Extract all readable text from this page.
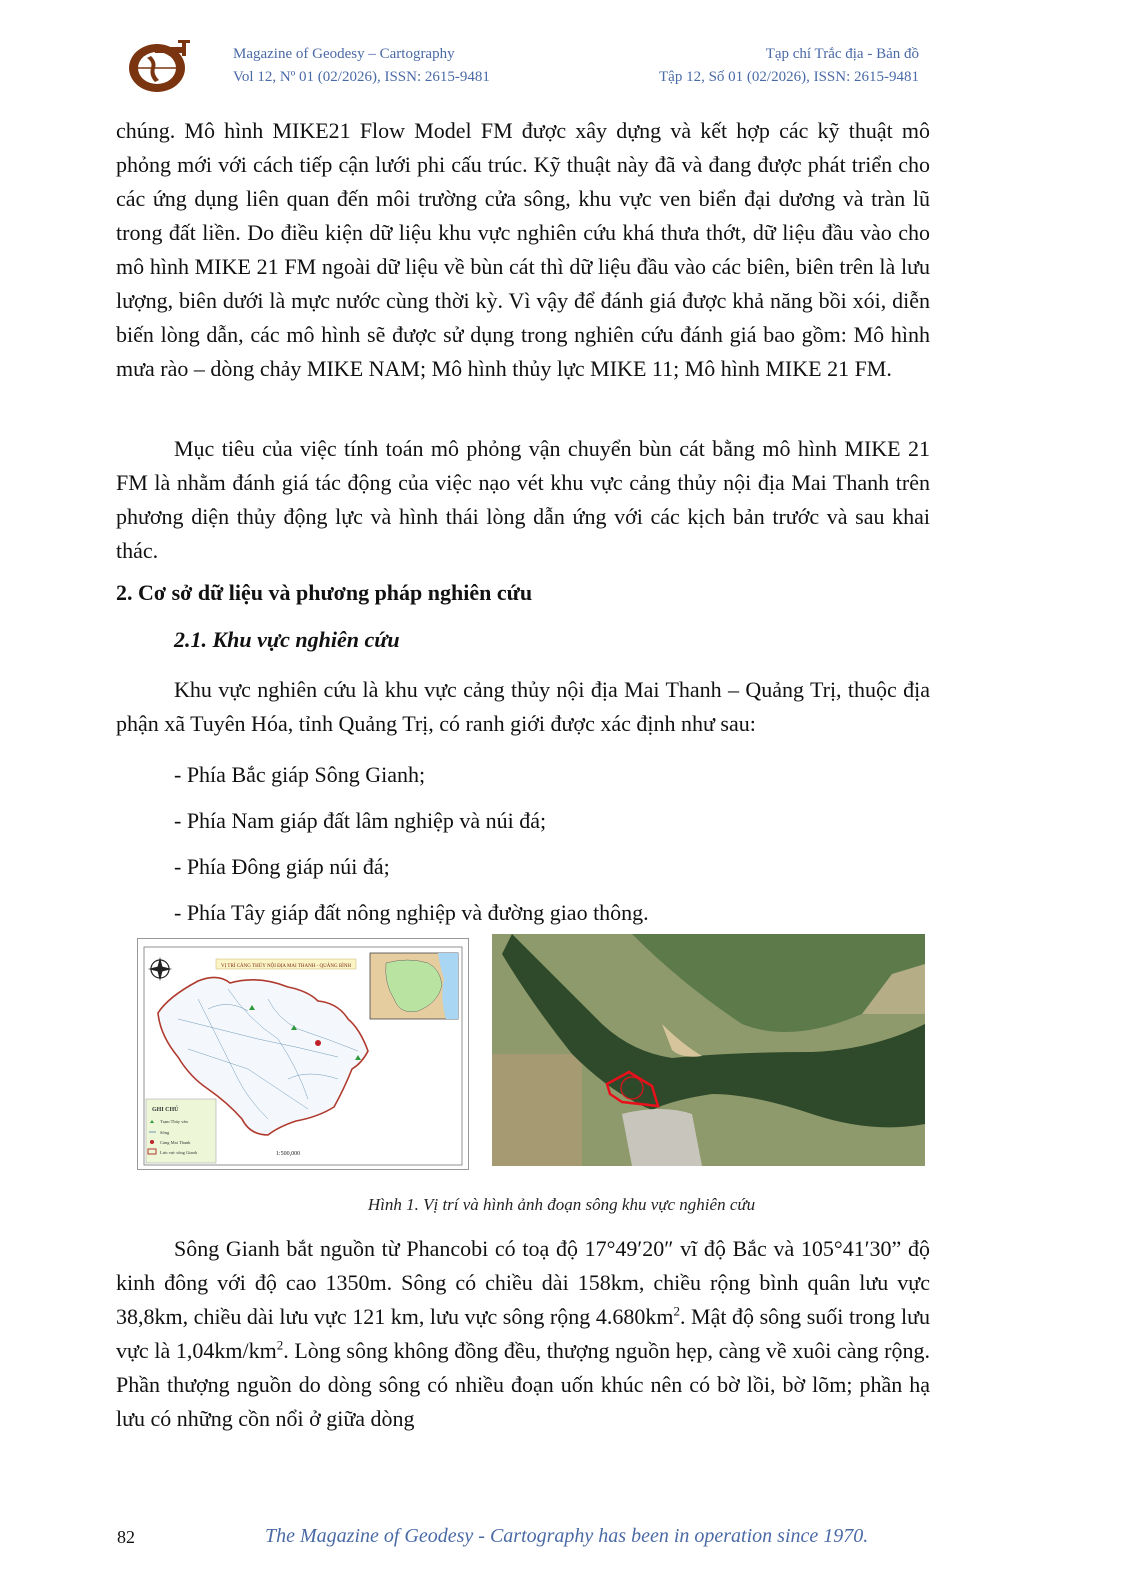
Magazine of Geodesy – Cartography
Vol 12, Nº 01 (02/2026), ISSN: 2615-9481
Tạp chí Trắc địa - Bản đồ
Tập 12, Số 01 (02/2026), ISSN: 2615-9481

chúng. Mô hình MIKE21 Flow Model FM được xây dựng và kết hợp các kỹ thuật mô phỏng mới với cách tiếp cận lưới phi cấu trúc. Kỹ thuật này đã và đang được phát triển cho các ứng dụng liên quan đến môi trường cửa sông, khu vực ven biển đại dương và tràn lũ trong đất liền. Do điều kiện dữ liệu khu vực nghiên cứu khá thưa thớt, dữ liệu đầu vào cho mô hình MIKE 21 FM ngoài dữ liệu về bùn cát thì dữ liệu đầu vào các biên, biên trên là lưu lượng, biên dưới là mực nước cùng thời kỳ. Vì vậy để đánh giá được khả năng bồi xói, diễn biến lòng dẫn, các mô hình sẽ được sử dụng trong nghiên cứu đánh giá bao gồm: Mô hình mưa rào – dòng chảy MIKE NAM; Mô hình thủy lực MIKE 11; Mô hình MIKE 21 FM.

Mục tiêu của việc tính toán mô phỏng vận chuyển bùn cát bằng mô hình MIKE 21 FM là nhằm đánh giá tác động của việc nạo vét khu vực cảng thủy nội địa Mai Thanh trên phương diện thủy động lực và hình thái lòng dẫn ứng với các kịch bản trước và sau khai thác.

2. Cơ sở dữ liệu và phương pháp nghiên cứu
2.1. Khu vực nghiên cứu

Khu vực nghiên cứu là khu vực cảng thủy nội địa Mai Thanh – Quảng Trị, thuộc địa phận xã Tuyên Hóa, tỉnh Quảng Trị, có ranh giới được xác định như sau:

- Phía Bắc giáp Sông Gianh;
- Phía Nam giáp đất lâm nghiệp và núi đá;
- Phía Đông giáp núi đá;
- Phía Tây giáp đất nông nghiệp và đường giao thông.
VỊ TRÍ CẢNG THỦY NỘI ĐỊA MAI THANH - QUẢNG BÌNH
GHI CHÚ
Trạm Thủy văn
Sông
Cảng Mai Thanh
Lưu vực sông Gianh	1:500,000
Hình 1. Vị trí và hình ảnh đoạn sông khu vực nghiên cứu

Sông Gianh bắt nguồn từ Phancobi có toạ độ 17°49′20″ vĩ độ Bắc và 105°41′30” độ kinh đông với độ cao 1350m. Sông có chiều dài 158km, chiều rộng bình quân lưu vực 38,8km, chiều dài lưu vực 121 km, lưu vực sông rộng $4.680km^2$. Mật độ sông suối trong lưu vực là $1,04km/km^2$. Lòng sông không đồng đều, thượng nguồn hẹp, càng về xuôi càng rộng. Phần thượng nguồn do dòng sông có nhiều đoạn uốn khúc nên có bờ lồi, bờ lõm; phần hạ lưu có những cồn nổi ở giữa dòng

82	The Magazine of Geodesy - Cartography has been in operation since 1970.
